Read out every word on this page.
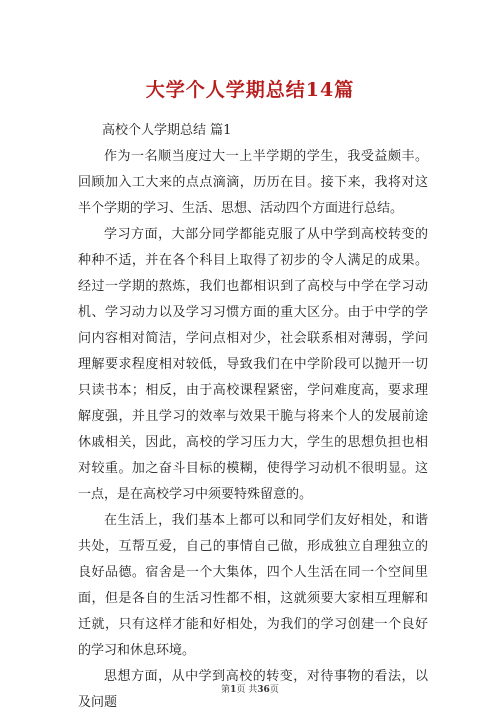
大学个人学期总结14篇

高校个人学期总结 篇1

作为一名顺当度过大一上半学期的学生，我受益颇丰。回顾加入工大来的点点滴滴，历历在目。接下来，我将对这半个学期的学习、生活、思想、活动四个方面进行总结。

学习方面，大部分同学都能克服了从中学到高校转变的种种不适，并在各个科目上取得了初步的令人满足的成果。经过一学期的熬炼，我们也都相识到了高校与中学在学习动机、学习动力以及学习习惯方面的重大区分。由于中学的学问内容相对简洁，学问点相对少，社会联系相对薄弱，学问理解要求程度相对较低，导致我们在中学阶段可以抛开一切只读书本；相反，由于高校课程紧密，学问难度高，要求理解度强，并且学习的效率与效果干脆与将来个人的发展前途休戚相关，因此，高校的学习压力大，学生的思想负担也相对较重。加之奋斗目标的模糊，使得学习动机不很明显。这一点，是在高校学习中须要特殊留意的。

在生活上，我们基本上都可以和同学们友好相处，和谐共处，互帮互爱，自己的事情自己做，形成独立自理独立的良好品德。宿舍是一个大集体，四个人生活在同一个空间里面，但是各自的生活习性都不相，这就须要大家相互理解和迁就，只有这样才能和好相处，为我们的学习创建一个良好的学习和休息环境。

思想方面，从中学到高校的转变，对待事物的看法，以及问题

第1页 共36页
